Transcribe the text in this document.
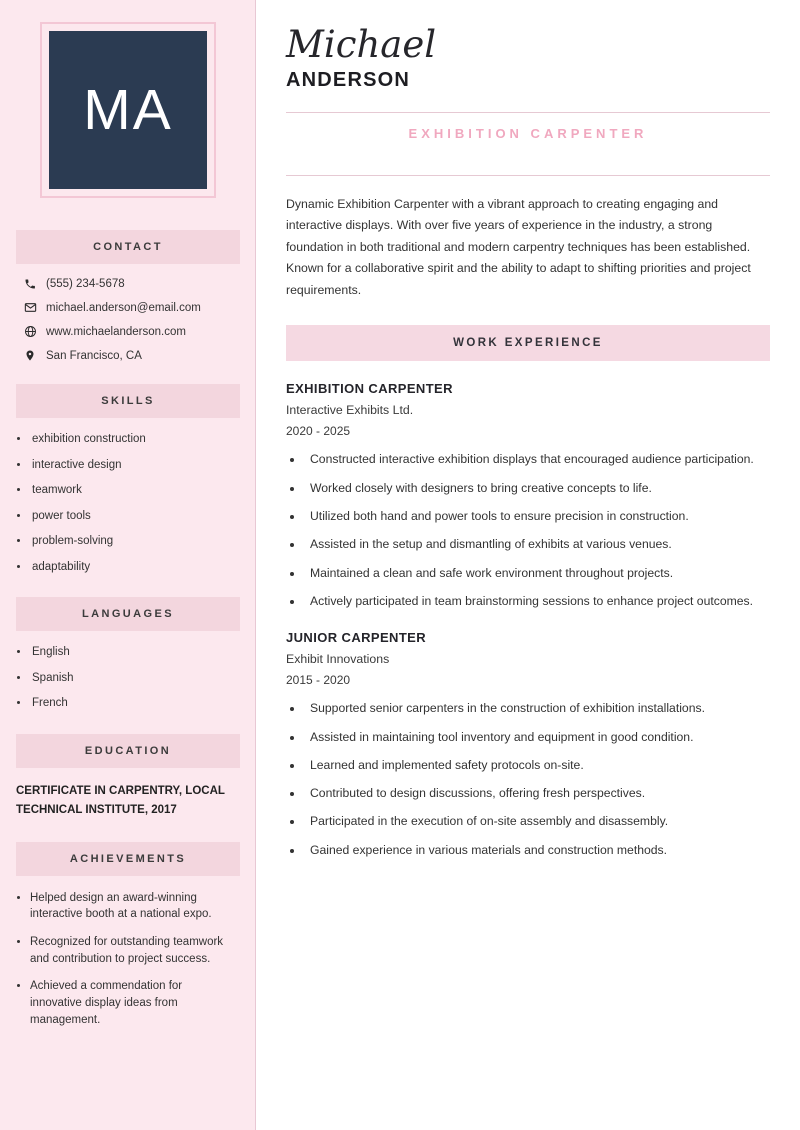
MA
CONTACT
(555) 234-5678
michael.anderson@email.com
www.michaelanderson.com
San Francisco, CA
SKILLS
• exhibition construction
• interactive design
• teamwork
• power tools
• problem-solving
• adaptability
LANGUAGES
• English
• Spanish
• French
EDUCATION
CERTIFICATE IN CARPENTRY, LOCAL TECHNICAL INSTITUTE, 2017
ACHIEVEMENTS
• Helped design an award-winning interactive booth at a national expo.
• Recognized for outstanding teamwork and contribution to project success.
• Achieved a commendation for innovative display ideas from management.
Michael
ANDERSON
EXHIBITION CARPENTER

Dynamic Exhibition Carpenter with a vibrant approach to creating engaging and interactive displays. With over five years of experience in the industry, a strong foundation in both traditional and modern carpentry techniques has been established. Known for a collaborative spirit and the ability to adapt to shifting priorities and project requirements.

WORK EXPERIENCE
EXHIBITION CARPENTER
Interactive Exhibits Ltd.
2020 - 2025
• Constructed interactive exhibition displays that encouraged audience participation.
• Worked closely with designers to bring creative concepts to life.
• Utilized both hand and power tools to ensure precision in construction.
• Assisted in the setup and dismantling of exhibits at various venues.
• Maintained a clean and safe work environment throughout projects.
• Actively participated in team brainstorming sessions to enhance project outcomes.
JUNIOR CARPENTER
Exhibit Innovations
2015 - 2020
• Supported senior carpenters in the construction of exhibition installations.
• Assisted in maintaining tool inventory and equipment in good condition.
• Learned and implemented safety protocols on-site.
• Contributed to design discussions, offering fresh perspectives.
• Participated in the execution of on-site assembly and disassembly.
• Gained experience in various materials and construction methods.
